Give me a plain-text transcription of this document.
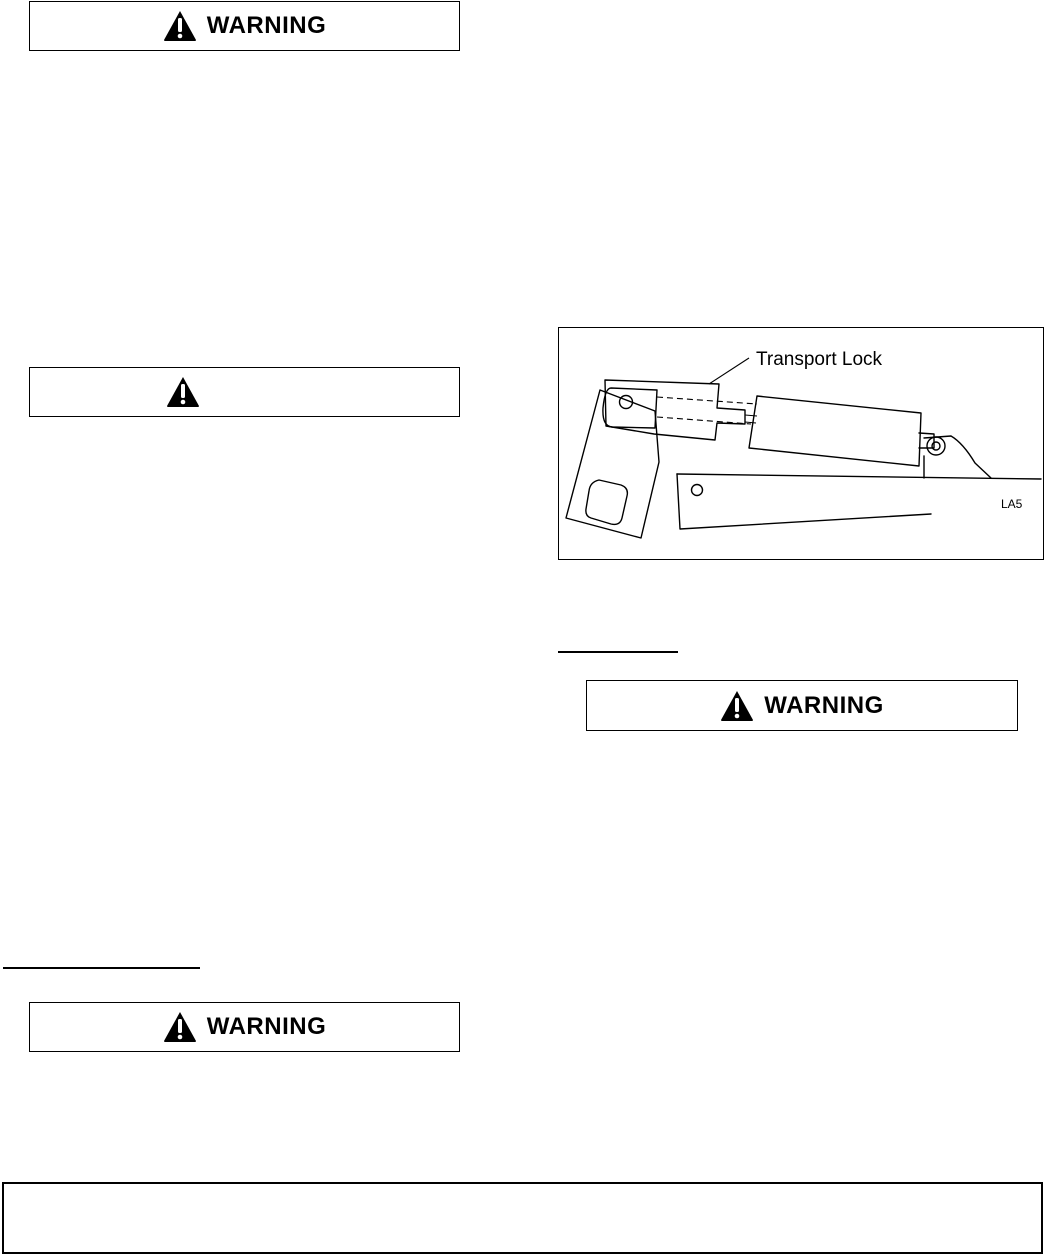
WARNING
WARNING
Transport Lock
LA5
WARNING
